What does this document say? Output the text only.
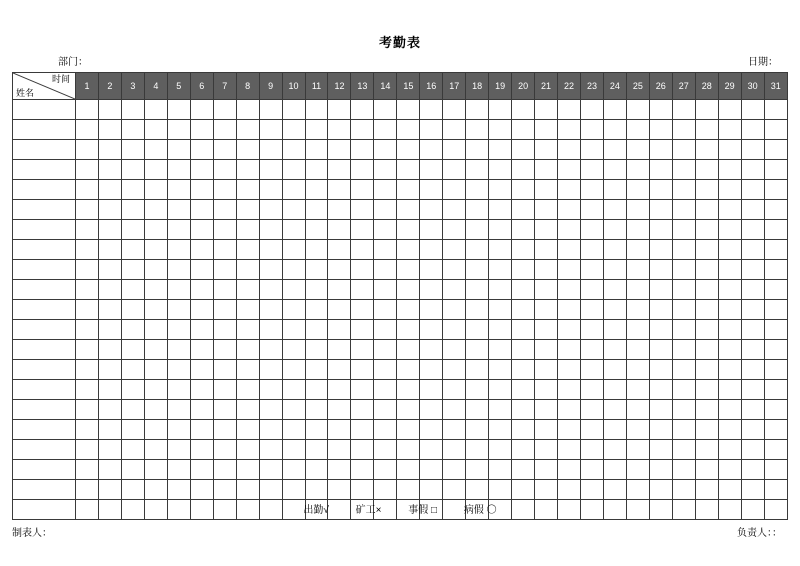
考勤表
部门：	日期：
时间
姓名	1	2	3	4	5	6	7	8	9	10	11	12	13	14	15	16	17	18	19	20	21	22	23	24	25	26	27	28	29	30	31

出勤√	矿工×	事假 □	病假 〇
制表人：	负责人：：
